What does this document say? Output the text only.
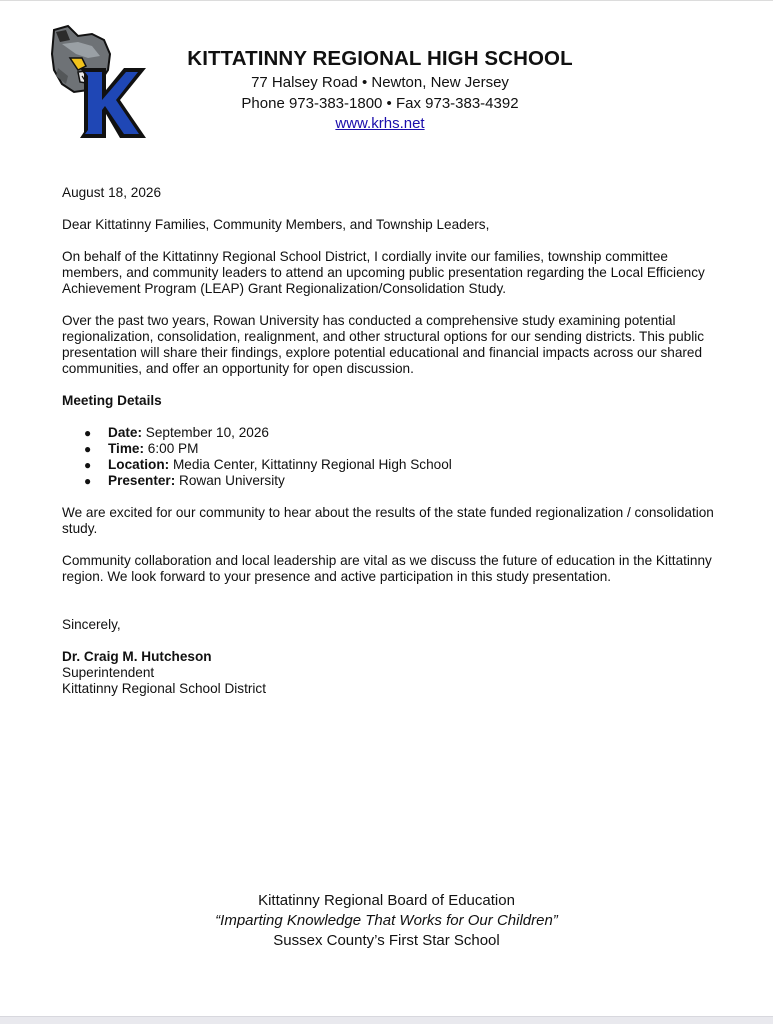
KITTATINNY REGIONAL HIGH SCHOOL
77 Halsey Road • Newton, New Jersey
Phone 973-383-1800 • Fax 973-383-4392
www.krhs.net

August 18, 2026

Dear Kittatinny Families, Community Members, and Township Leaders,

On behalf of the Kittatinny Regional School District, I cordially invite our families, township committee members, and community leaders to attend an upcoming public presentation regarding the Local Efficiency Achievement Program (LEAP) Grant Regionalization/Consolidation Study.

Over the past two years, Rowan University has conducted a comprehensive study examining potential regionalization, consolidation, realignment, and other structural options for our sending districts. This public presentation will share their findings, explore potential educational and financial impacts across our shared communities, and offer an opportunity for open discussion.

Meeting Details

● Date: September 10, 2026
● Time: 6:00 PM
● Location: Media Center, Kittatinny Regional High School
● Presenter: Rowan University

We are excited for our community to hear about the results of the state funded regionalization / consolidation study.

Community collaboration and local leadership are vital as we discuss the future of education in the Kittatinny region. We look forward to your presence and active participation in this study presentation.

Sincerely,

Dr. Craig M. Hutcheson

Superintendent

Kittatinny Regional School District

Kittatinny Regional Board of Education
“Imparting Knowledge That Works for Our Children”
Sussex County’s First Star School
